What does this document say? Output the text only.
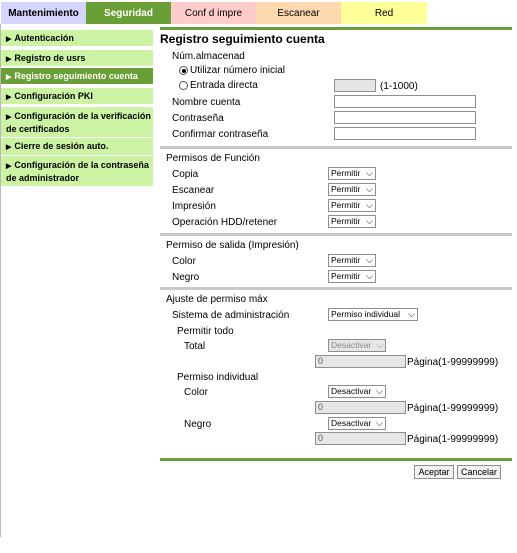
Mantenimiento	Seguridad	Conf d impre	Escanear	Red
▶ Autenticación
▶ Registro de usrs
▶ Registro seguimiento cuenta
▶ Configuración PKI
▶ Configuración de la verificación de certificados
▶ Cierre de sesión auto.
▶ Configuración de la contraseña de administrador
Registro seguimiento cuenta
Núm.almacenad
Utilizar número inicial
Entrada directa	(1-1000)
Nombre cuenta
Contraseña
Confirmar contraseña
Permisos de Función
Copia	Permitir ⌵
Escanear	Permitir ⌵
Impresión	Permitir ⌵
Operación HDD/retener	Permitir ⌵
Permiso de salida (Impresión)
Color	Permitir ⌵
Negro	Permitir ⌵
Ajuste de permiso máx
Sistema de administración	Permiso individual ⌵
Permitir todo
Total	Desactivar ⌵
0	Página(1-99999999)
Permiso individual
Color	Desactivar ⌵
0	Página(1-99999999)
Negro	Desactivar ⌵
0	Página(1-99999999)
Aceptar	Cancelar
